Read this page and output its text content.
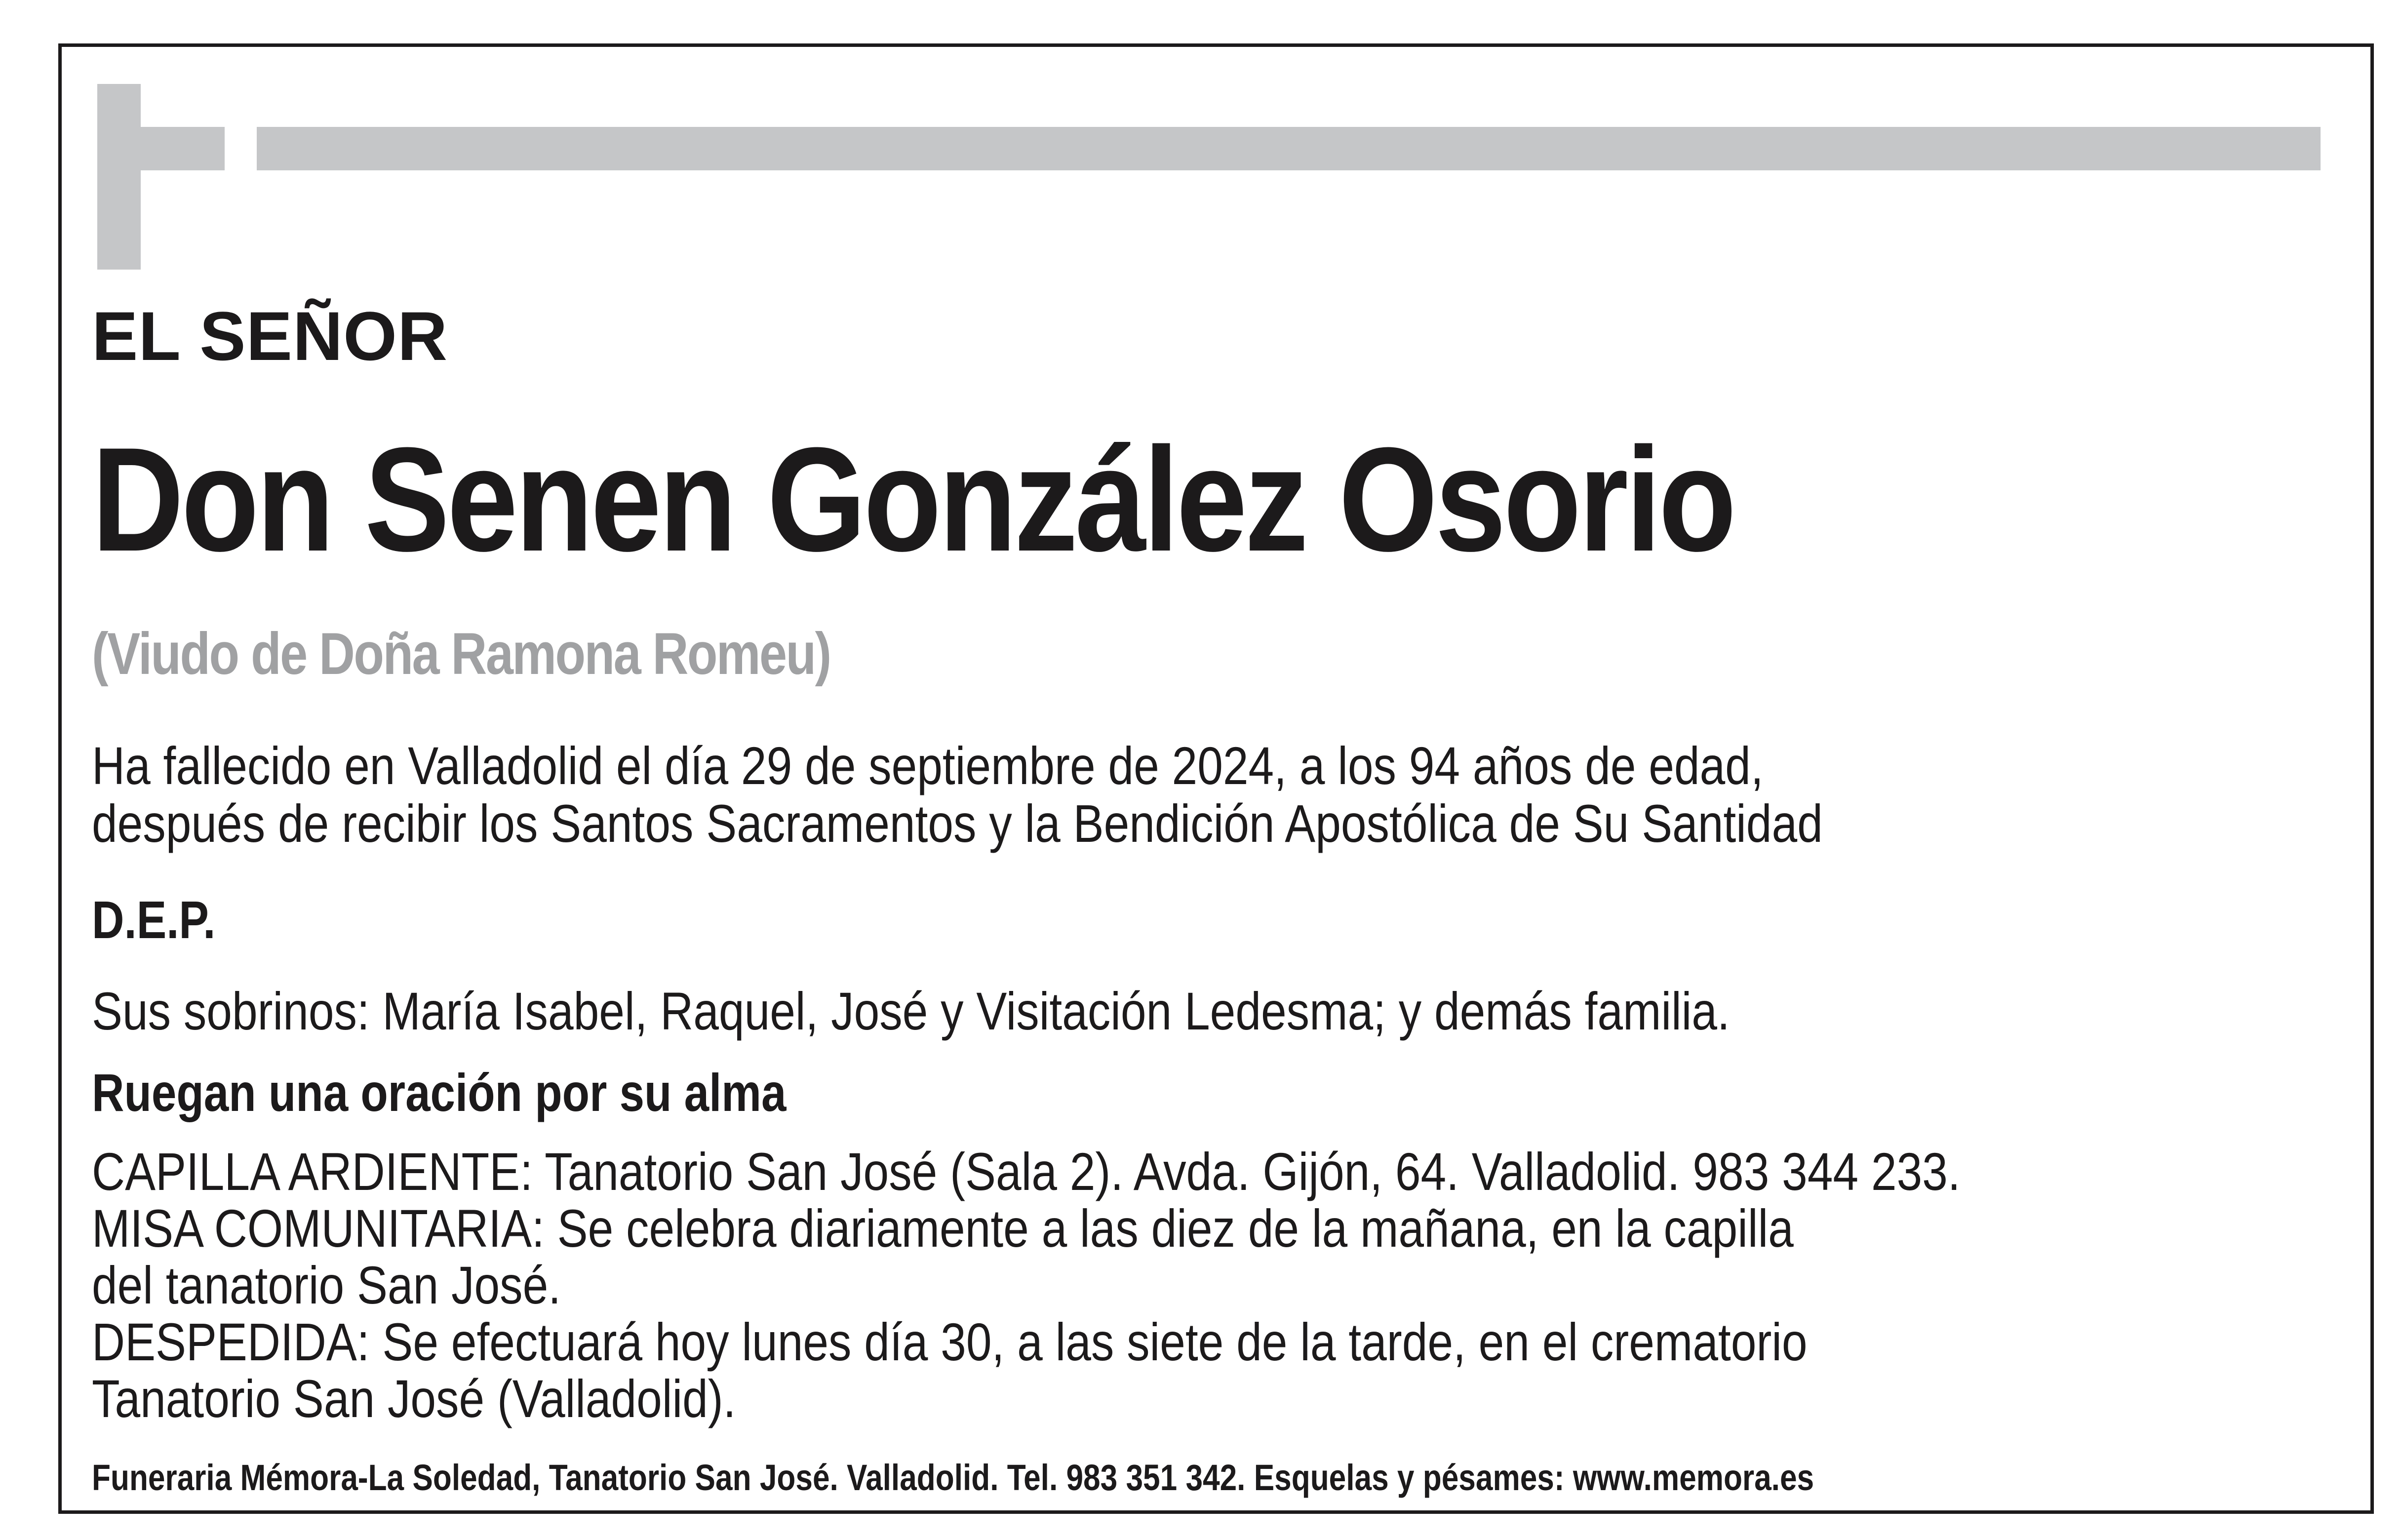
EL SEÑOR
Don Senen González Osorio
(Viudo de Doña Ramona Romeu)
Ha fallecido en Valladolid el día 29 de septiembre de 2024, a los 94 años de edad,
después de recibir los Santos Sacramentos y la Bendición Apostólica de Su Santidad
D.E.P.
Sus sobrinos: María Isabel, Raquel, José y Visitación Ledesma; y demás familia.
Ruegan una oración por su alma
CAPILLA ARDIENTE: Tanatorio San José (Sala 2). Avda. Gijón, 64. Valladolid. 983 344 233.
MISA COMUNITARIA: Se celebra diariamente a las diez de la mañana, en la capilla
del tanatorio San José.
DESPEDIDA: Se efectuará hoy lunes día 30, a las siete de la tarde, en el crematorio
Tanatorio San José (Valladolid).
Funeraria Mémora-La Soledad, Tanatorio San José. Valladolid. Tel. 983 351 342. Esquelas y pésames: www.memora.es
